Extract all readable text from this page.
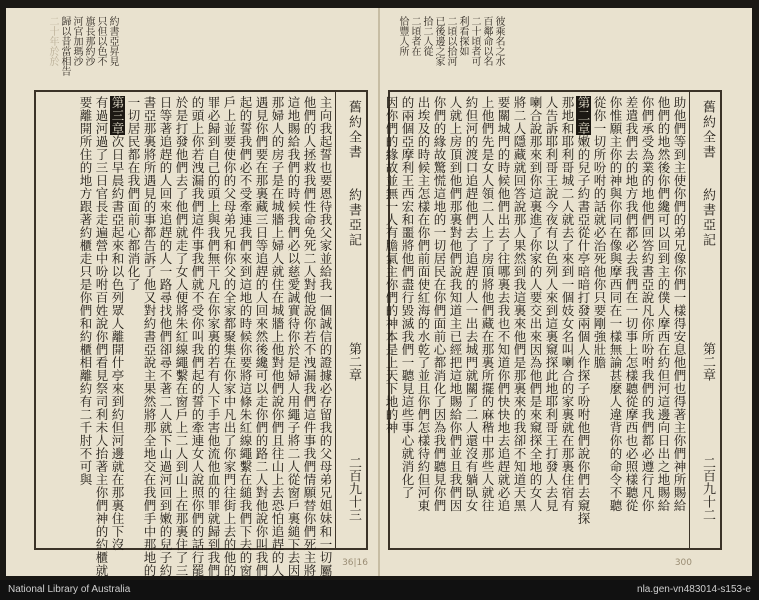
約書亞昇見
只但以色不
旗長那約沙
河官加瑪沙
歸以昔當相告
二十年於於
舊約全書
約書亞記
第二章
二百九十三
主向我起誓也要恩待我父家並給我一個誠信的證據必存留我的父母弟兄姐妹和一切屬
他們的人拯救我們性命免死二人對他說你若不洩漏我們這件事我們情願替你們死主將
這地賜給我們的時候我們必以慈愛誠實待你於是婦人用繩子將二人從窗戶裏縋下去因
那婦人的房子是在城牆上婦人就住在城牆上他對他們說你們且往山上去恐怕追趕的人
遇見你們要在那裏藏三日等追趕的人回來然後纔可以走你們的路二人對他說你叫我們
起的誓我們必不受牽連我們來到這地的時候你要將這條朱紅線繩繫在縋我們下去的窗
戶上並要使你的父母弟兄和你父的全家都聚集在你家中凡出了你家門往街上去的他的
罪必歸到自己的頭上與我們無干凡在你家裏的若有人下手害他流他血的罪就歸到我們
的頭上你若洩漏我們這件事我們就不受你叫我們起的誓的牽連女人說照你們的話行罷
於是打發他們去了他們就走了女人便將朱紅線繩繫在窗戶上二人到山上在那裏住了三
日等著追趕的人回來追趕的人一路尋找他們卻尋不著二人就下山過河回到嫩的兒子約
書亞那裏將所遇見的事都告訴了他又對約書亞說主果然將那全地交在我們手中那地的
一切居民都在我們面前心都消化了
第三章次日早晨約書亞起來和以色列眾人離開什亭來到約但河邊就在那裏住下沒
有過河過了三日官長走遍營中吩咐百姓說你們看見祭司利未人抬著主你們神的約櫃就
要離開所住的地方跟著約櫃走只是你們和約櫃相離約有二千肘不可與
36|16
彼乘名之水
百鄰命以名
二十頃者可
利看探如
二頃以拾河
已後邊之家
拾二人從
二頃者在
恰豐人所
舊約全書
約書亞記
第二章
二百九十二
助他們等到主使你們的弟兄像你們一樣得安息他們也得著主你們神所賜給
他們的地然後你們纔可以回到主的僕人摩西在約但河這邊向日出之地賜給
你們承受為業的地他們回答約書亞說凡你所吩咐我們的我們都必遵行凡你
差遣我們去的地方我們都必去我們在一切事上怎樣聽從摩西也必照樣聽從
你惟願主你的神與你同在像與摩西同在一樣無論甚麼人違背你的命令不聽
從你一切所吩咐的話就必治死他你只要剛強壯膽
第二章嫩的兒子約書亞從什亭暗暗打發兩個人作探子吩咐他們說你們去窺探
那地和耶利哥城二人就去了來到一個妓女名叫喇合的家裏就在那裏住宿有
人告訴耶利哥王說今夜有以色列人來到這裏窺探此地耶利哥王打發人去見
喇合說那來到你這裏進了你家的人要交出來因為他們是來窺探全地的女人
將二人隱藏就回答說那人果然到我這裏來他們是那裏來的我卻不知道天黑
要關城門的時候他們出去了往哪裏去我也不知道你們快快地去追趕就必追
上他們先是女人領二人上了房頂將他們藏在那裏所擺的麻稭中那些人就往
約但河的渡口追趕他們去了追趕的人一出去城門就關了二人還沒有躺臥女
人就上房頂到他們那裏對他們說我知道主已經把這地賜給你們並且我們因
你們的緣故驚慌這地的一切居民在你們面前心都消化了因為我們聽見你們
出埃及的時候主怎樣在你們前面使紅海的水乾了並且你們怎樣待約但河東
的兩個亞摩利王西宏和噩將他們盡行毀滅我們一聽見這些事心就消化了
因你們的緣故並無一人有膽氣主你們的神本是上天下地的神
300
National Library of Australia	nla.gen-vn483014-s153-e
